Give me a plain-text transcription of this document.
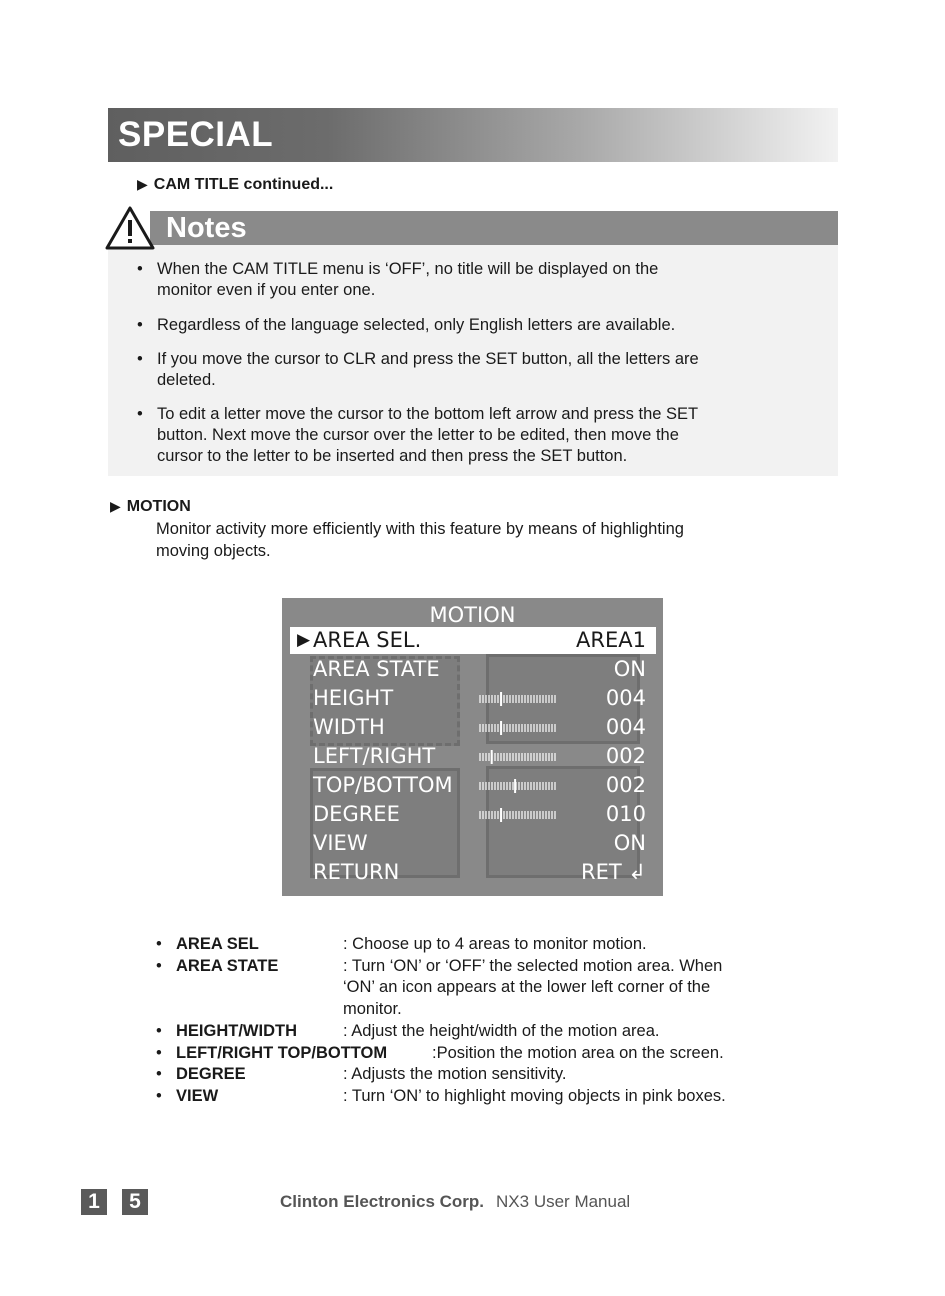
SPECIAL
▶ CAM TITLE continued...
Notes
• When the CAM TITLE menu is ‘OFF’, no title will be displayed on the
monitor even if you enter one.
• Regardless of the language selected, only English letters are available.
• If you move the cursor to CLR and press the SET button, all the letters are
deleted.
• To edit a letter move the cursor to the bottom left arrow and press the SET
button. Next move the cursor over the letter to be edited, then move the
cursor to the letter to be inserted and then press the SET button.
▶ MOTION
Monitor activity more efficiently with this feature by means of highlighting
moving objects.
MOTION
▶ AREA SEL.	AREA1
AREA STATE	ON
HEIGHT	004
WIDTH	004
LEFT/RIGHT	002
TOP/BOTTOM	002
DEGREE	010
VIEW	ON
RETURN	RET ↲
• AREA SEL	: Choose up to 4 areas to monitor motion.
• AREA STATE	: Turn ‘ON’ or ‘OFF’ the selected motion area. When
‘ON’ an icon appears at the lower left corner of the
monitor.
• HEIGHT/WIDTH	: Adjust the height/width of the motion area.
• LEFT/RIGHT TOP/BOTTOM	:Position the motion area on the screen.
• DEGREE	: Adjusts the motion sensitivity.
• VIEW	: Turn ‘ON’ to highlight moving objects in pink boxes.
1	5	Clinton Electronics Corp. NX3 User Manual
